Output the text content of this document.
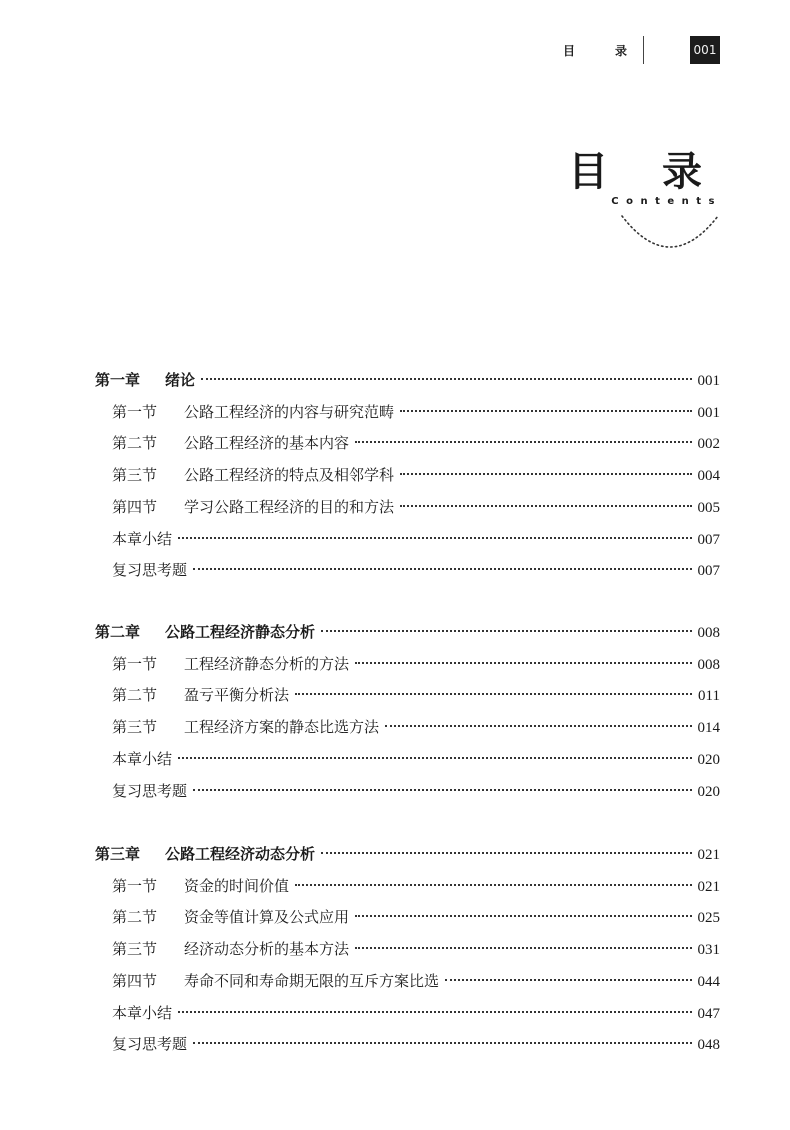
目　录	001
目 录
Contents
第一章 绪论	001
第一节 公路工程经济的内容与研究范畴	001
第二节 公路工程经济的基本内容	002
第三节 公路工程经济的特点及相邻学科	004
第四节 学习公路工程经济的目的和方法	005
本章小结	007
复习思考题	007
第二章 公路工程经济静态分析	008
第一节 工程经济静态分析的方法	008
第二节 盈亏平衡分析法	011
第三节 工程经济方案的静态比选方法	014
本章小结	020
复习思考题	020
第三章 公路工程经济动态分析	021
第一节 资金的时间价值	021
第二节 资金等值计算及公式应用	025
第三节 经济动态分析的基本方法	031
第四节 寿命不同和寿命期无限的互斥方案比选	044
本章小结	047
复习思考题	048
